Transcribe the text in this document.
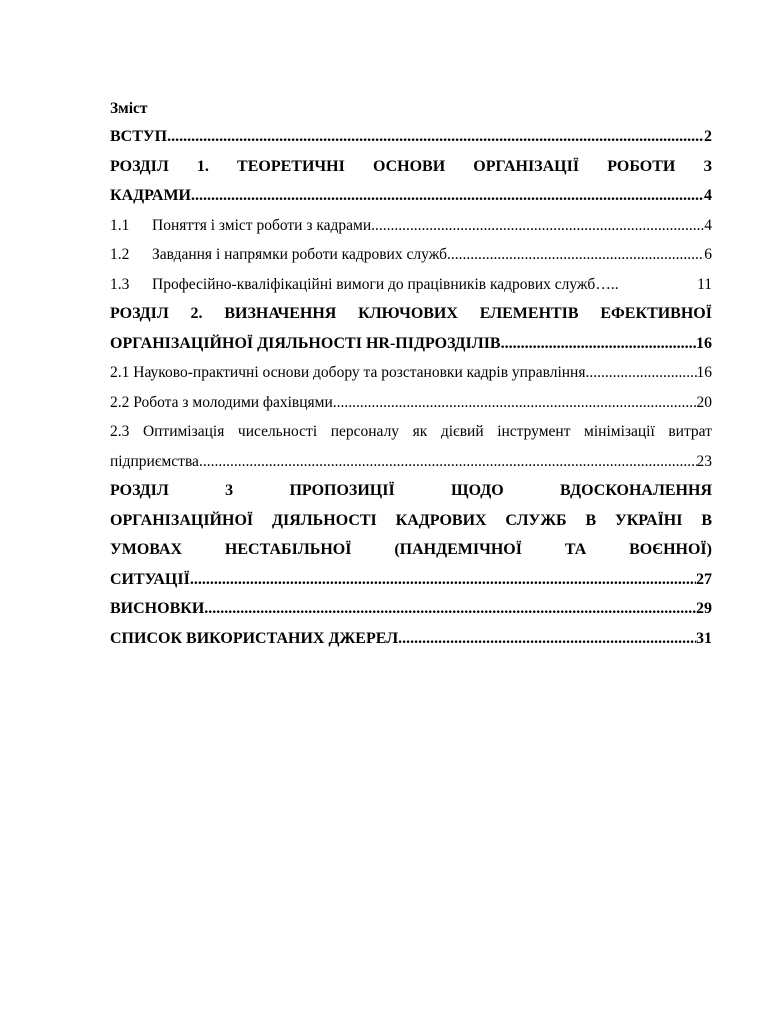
Зміст
ВСТУП .....	2
РОЗДІЛ 1. ТЕОРЕТИЧНІ ОСНОВИ ОРГАНІЗАЦІЇ РОБОТИ З
КАДРАМИ .....	4
1.1	Поняття і зміст роботи з кадрами .....	4
1.2	Завдання і напрямки роботи кадрових служб .....	6
1.3	Професійно-кваліфікаційні вимоги до працівників кадрових служб…..	11
РОЗДІЛ 2. ВИЗНАЧЕННЯ КЛЮЧОВИХ ЕЛЕМЕНТІВ ЕФЕКТИВНОЇ
ОРГАНІЗАЦІЙНОЇ ДІЯЛЬНОСТІ HR-ПІДРОЗДІЛІВ .....	16
2.1 Науково-практичні основи добору та розстановки кадрів управління .....	16
2.2 Робота з молодими фахівцями .....	20
2.3 Оптимізація чисельності персоналу як дієвий інструмент мінімізації витрат
підприємства .....	23
РОЗДІЛ	3	ПРОПОЗИЦІЇ	ЩОДО	ВДОСКОНАЛЕННЯ
ОРГАНІЗАЦІЙНОЇ ДІЯЛЬНОСТІ КАДРОВИХ СЛУЖБ В УКРАЇНІ В
УМОВАХ	НЕСТАБІЛЬНОЇ	(ПАНДЕМІЧНОЇ	ТА	ВОЄННОЇ)
СИТУАЦІЇ .....	27
ВИСНОВКИ .....	29
СПИСОК ВИКОРИСТАНИХ ДЖЕРЕЛ .....	31
